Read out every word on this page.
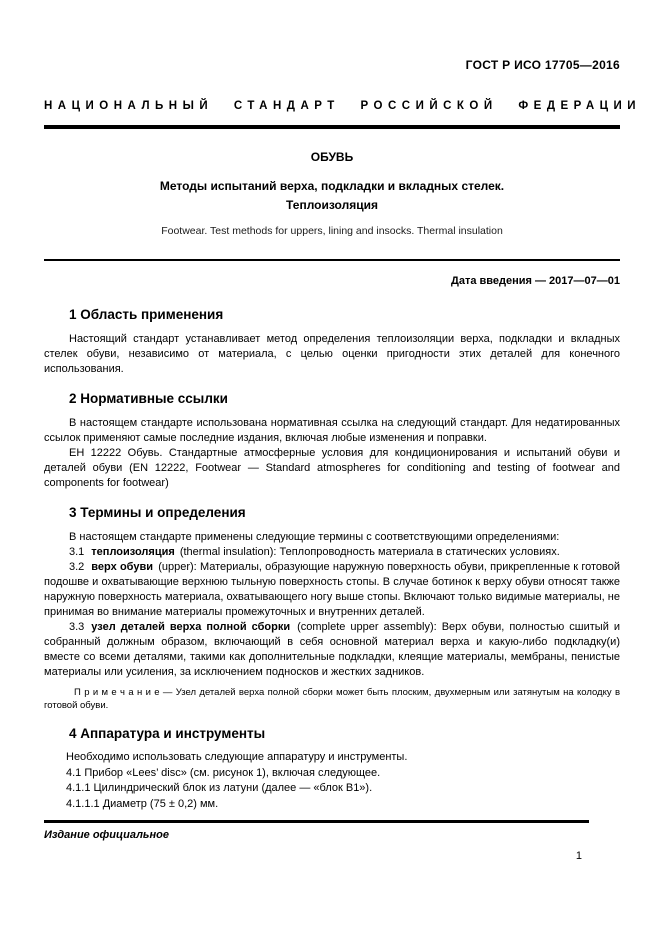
ГОСТ Р ИСО 17705—2016
НАЦИОНАЛЬНЫЙ СТАНДАРТ РОССИЙСКОЙ ФЕДЕРАЦИИ
ОБУВЬ
Методы испытаний верха, подкладки и вкладных стелек.
Теплоизоляция
Footwear. Test methods for uppers, lining and insocks. Thermal insulation
Дата введения — 2017—07—01
1 Область применения

Настоящий стандарт устанавливает метод определения теплоизоляции верха, подкладки и вкладных стелек обуви, независимо от материала, с целью оценки пригодности этих деталей для конечного использования.

2 Нормативные ссылки

В настоящем стандарте использована нормативная ссылка на следующий стандарт. Для недатированных ссылок применяют самые последние издания, включая любые изменения и поправки.

ЕН 12222 Обувь. Стандартные атмосферные условия для кондиционирования и испытаний обуви и деталей обуви (EN 12222, Footwear — Standard atmospheres for conditioning and testing of footwear and components for footwear)

3 Термины и определения

В настоящем стандарте применены следующие термины с соответствующими определениями:

3.1 теплоизоляция (thermal insulation): Теплопроводность материала в статических условиях.

3.2 верх обуви (upper): Материалы, образующие наружную поверхность обуви, прикрепленные к готовой подошве и охватывающие верхнюю тыльную поверхность стопы. В случае ботинок к верху обуви относят также наружную поверхность материала, охватывающего ногу выше стопы. Включают только видимые материалы, не принимая во внимание материалы промежуточных и внутренних деталей.

3.3 узел деталей верха полной сборки (complete upper assembly): Верх обуви, полностью сшитый и собранный должным образом, включающий в себя основной материал верха и какую-либо подкладку(и) вместе со всеми деталями, такими как дополнительные подкладки, клеящие материалы, мембраны, пенистые материалы или усиления, за исключением подносков и жестких задников.

П р и м е ч а н и е — Узел деталей верха полной сборки может быть плоским, двухмерным или затянутым на колодку в готовой обуви.

4 Аппаратура и инструменты

Необходимо использовать следующие аппаратуру и инструменты.

4.1 Прибор «Lees’ disc» (см. рисунок 1), включая следующее.

4.1.1 Цилиндрический блок из латуни (далее — «блок В1»).

4.1.1.1 Диаметр (75 ± 0,2) мм.

Издание официальное
1
